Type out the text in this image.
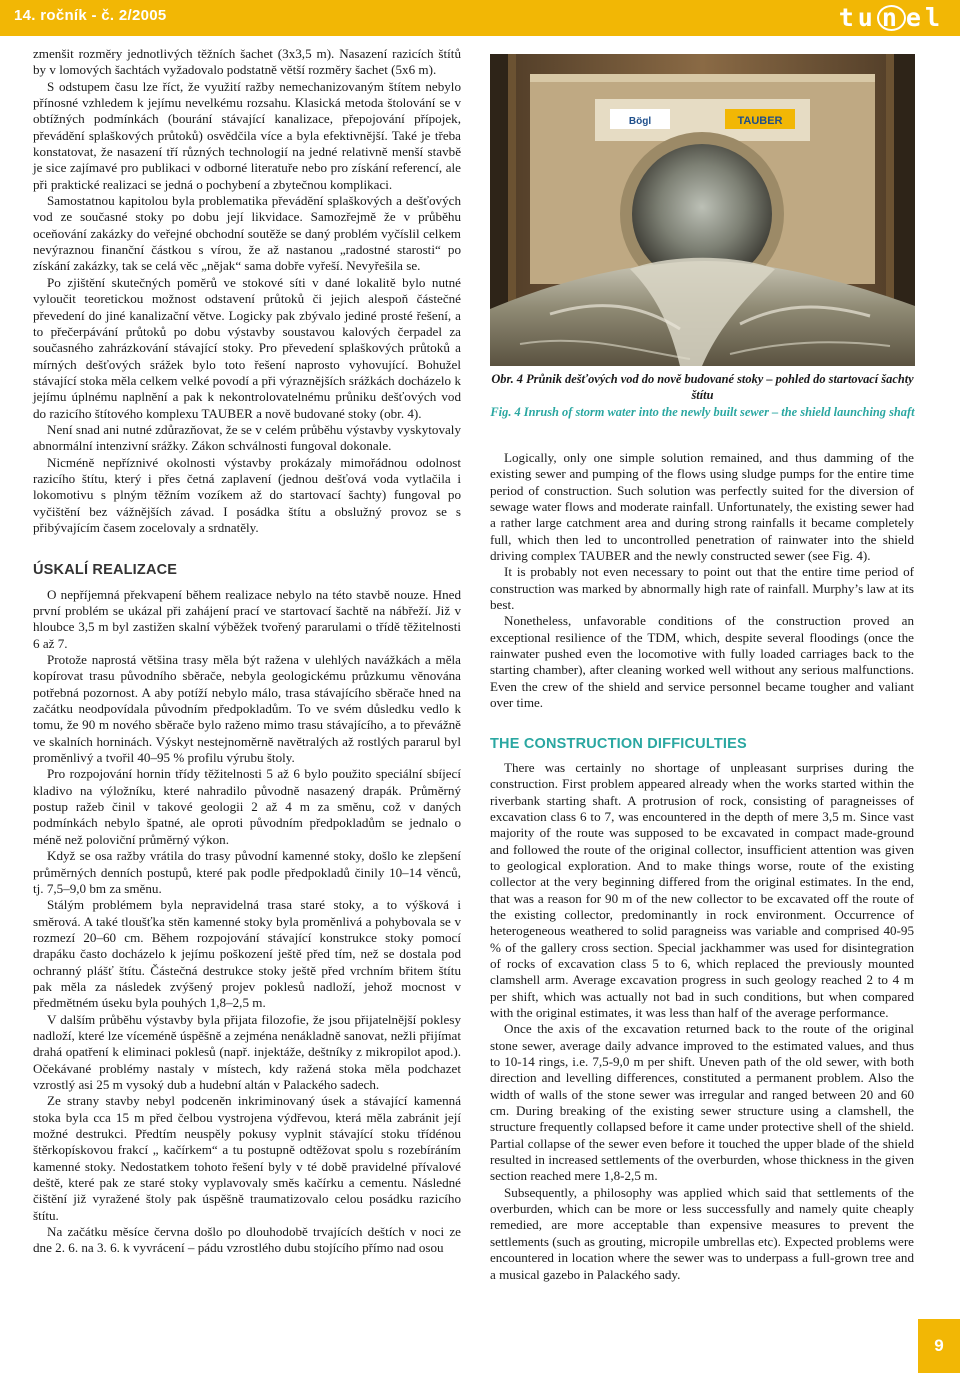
14. ročník - č. 2/2005	tu n el

zmenšit rozměry jednotlivých těžních šachet (3x3,5 m). Nasazení razicích štítů by v lomových šachtách vyžadovalo podstatně větší rozměry šachet (5x6 m).

S odstupem času lze říct, že využití ražby nemechanizovaným štítem nebylo přínosné vzhledem k jejímu nevelkému rozsahu. Klasická metoda štolování se v obtížných podmínkách (bourání stávající kanalizace, přepojování přípojek, převádění splaškových průtoků) osvědčila více a byla efektivnější. Také je třeba konstatovat, že nasazení tří různých technologií na jedné relativně menší stavbě je sice zajímavé pro publikaci v odborné literatuře nebo pro získání referencí, ale při praktické realizaci se jedná o pochybení a zbytečnou komplikaci.

Samostatnou kapitolou byla problematika převádění splaškových a dešťových vod ze současné stoky po dobu její likvidace. Samozřejmě že v průběhu oceňování zakázky do veřejné obchodní soutěže se daný problém vyčíslil celkem nevýraznou finanční částkou s vírou, že až nastanou „radostné starosti“ po získání zakázky, tak se celá věc „nějak“ sama dobře vyřeší. Nevyřešila se.

Po zjištění skutečných poměrů ve stokové síti v dané lokalitě bylo nutné vyloučit teoretickou možnost odstavení průtoků či jejich alespoň částečné převedení do jiné kanalizační větve. Logicky pak zbývalo jediné prosté řešení, a to přečerpávání průtoků po dobu výstavby soustavou kalových čerpadel za současného zahrázkování stávající stoky. Pro převedení splaškových průtoků a mírných dešťových srážek bylo toto řešení naprosto vyhovující. Bohužel stávající stoka měla celkem velké povodí a při výraznějších srážkách docházelo k jejímu úplnému naplnění a pak k nekontrolovatelnému průniku dešťových vod do razicího štítového komplexu TAUBER a nově budované stoky (obr. 4).

Není snad ani nutné zdůrazňovat, že se v celém průběhu výstavby vyskytovaly abnormální intenzivní srážky. Zákon schválnosti fungoval dokonale.

Nicméně nepříznivé okolnosti výstavby prokázaly mimořádnou odolnost razicího štítu, který i přes četná zaplavení (jednou dešťová voda vytlačila i lokomotivu s plným těžním vozíkem až do startovací šachty) fungoval po vyčištění bez vážnějších závad. I posádka štítu a obslužný provoz se s přibývajícím časem zocelovaly a srdnatěly.

ÚSKALÍ REALIZACE

O nepříjemná překvapení během realizace nebylo na této stavbě nouze. Hned první problém se ukázal při zahájení prací ve startovací šachtě na nábřeží. Již v hloubce 3,5 m byl zastižen skalní výběžek tvořený pararulami o třídě těžitelnosti 6 až 7.

Protože naprostá většina trasy měla být ražena v ulehlých navážkách a měla kopírovat trasu původního sběrače, nebyla geologickému průzkumu věnována potřebná pozornost. A aby potíží nebylo málo, trasa stávajícího sběrače hned na začátku neodpovídala původním předpokladům. To ve svém důsledku vedlo k tomu, že 90 m nového sběrače bylo raženo mimo trasu stávajícího, a to převážně ve skalních horninách. Výskyt nestejnoměrně navětralých až rostlých pararul byl proměnlivý a tvořil 40–95 % profilu výrubu štoly.

Pro rozpojování hornin třídy těžitelnosti 5 až 6 bylo použito speciální sbíjecí kladivo na výložníku, které nahradilo původně nasazený drapák. Průměrný postup ražeb činil v takové geologii 2 až 4 m za směnu, což v daných podmínkách nebylo špatné, ale oproti původním předpokladům se jednalo o méně než poloviční průměrný výkon.

Když se osa ražby vrátila do trasy původní kamenné stoky, došlo ke zlepšení průměrných denních postupů, které pak podle předpokladů činily 10–14 věnců, tj. 7,5–9,0 bm za směnu.

Stálým problémem byla nepravidelná trasa staré stoky, a to výšková i směrová. A také tloušťka stěn kamenné stoky byla proměnlivá a pohybovala se v rozmezí 20–60 cm. Během rozpojování stávající konstrukce stoky pomocí drapáku často docházelo k jejímu poškození ještě před tím, než se dostala pod ochranný plášť štítu. Částečná destrukce stoky ještě před vrchním břitem štítu pak měla za následek zvýšený projev poklesů nadloží, jehož mocnost v předmětném úseku byla pouhých 1,8–2,5 m.

V dalším průběhu výstavby byla přijata filozofie, že jsou přijatelnější poklesy nadloží, které lze víceméně úspěšně a zejména nenákladně sanovat, nežli přijímat drahá opatření k eliminaci poklesů (např. injektáže, deštníky z mikropilot apod.). Očekávané problémy nastaly v místech, kdy ražená stoka měla podchazet vzrostlý asi 25 m vysoký dub a hudební altán v Palackého sadech.

Ze strany stavby nebyl podceněn inkriminovaný úsek a stávající kamenná stoka byla cca 15 m před čelbou vystrojena výdřevou, která měla zabránit její možné destrukci. Předtím neuspěly pokusy vyplnit stávající stoku třídénou štěrkopískovou frakcí „ kačírkem“ a tu postupně odtěžovat spolu s rozebíráním kamenné stoky. Nedostatkem tohoto řešení byly v té době pravidelné přívalové deště, které pak ze staré stoky vyplavovaly směs kačírku a cementu. Následné čištění již vyražené štoly pak úspěšně traumatizovalo celou posádku razicího štítu.

Na začátku měsíce června došlo po dlouhodobě trvajících deštích v noci ze dne 2. 6. na 3. 6. k vyvrácení – pádu vzrostlého dubu stojícího přímo nad osou

Bögl	TAUBER
Obr. 4 Průnik dešťových vod do nově budované stoky – pohled do startovací šachty štítu
Fig. 4 Inrush of storm water into the newly built sewer – the shield launching shaft

Logically, only one simple solution remained, and thus damming of the existing sewer and pumping of the flows using sludge pumps for the entire time period of construction. Such solution was perfectly suited for the diversion of sewage water flows and moderate rainfall. Unfortunately, the existing sewer had a rather large catchment area and during strong rainfalls it became completely full, which then led to uncontrolled penetration of rainwater into the shield driving complex TAUBER and the newly constructed sewer (see Fig. 4).

It is probably not even necessary to point out that the entire time period of construction was marked by abnormally high rate of rainfall. Murphy’s law at its best.

Nonetheless, unfavorable conditions of the construction proved an exceptional resilience of the TDM, which, despite several floodings (once the rainwater pushed even the locomotive with fully loaded carriages back to the starting chamber), after cleaning worked well without any serious malfunctions. Even the crew of the shield and service personnel became tougher and valiant over time.

THE CONSTRUCTION DIFFICULTIES

There was certainly no shortage of unpleasant surprises during the construction. First problem appeared already when the works started within the riverbank starting shaft. A protrusion of rock, consisting of paragneisses of excavation class 6 to 7, was encountered in the depth of mere 3,5 m. Since vast majority of the route was supposed to be excavated in compact made-ground and followed the route of the original collector, insufficient attention was given to geological exploration. And to make things worse, route of the existing collector at the very beginning differed from the original estimates. In the end, that was a reason for 90 m of the new collector to be excavated off the route of the existing collector, predominantly in rock environment. Occurrence of heterogeneous weathered to solid paragneiss was variable and comprised 40-95 % of the gallery cross section. Special jackhammer was used for disintegration of rocks of excavation class 5 to 6, which replaced the previously mounted clamshell arm. Average excavation progress in such geology reached 2 to 4 m per shift, which was actually not bad in such conditions, but when compared with the original estimates, it was less than half of the average performance.

Once the axis of the excavation returned back to the route of the original stone sewer, average daily advance improved to the estimated values, and thus to 10-14 rings, i.e. 7,5-9,0 m per shift. Uneven path of the old sewer, with both direction and levelling differences, constituted a permanent problem. Also the width of walls of the stone sewer was irregular and ranged between 20 and 60 cm. During breaking of the existing sewer structure using a clamshell, the structure frequently collapsed before it came under protective shell of the shield. Partial collapse of the sewer even before it touched the upper blade of the shield resulted in increased settlements of the overburden, whose thickness in the given section reached mere 1,8-2,5 m.

Subsequently, a philosophy was applied which said that settlements of the overburden, which can be more or less successfully and namely quite cheaply remedied, are more acceptable than expensive measures to prevent the settlements (such as grouting, micropile umbrellas etc). Expected problems were encountered in location where the sewer was to underpass a full-grown tree and a musical gazebo in Palackého sady.

9
